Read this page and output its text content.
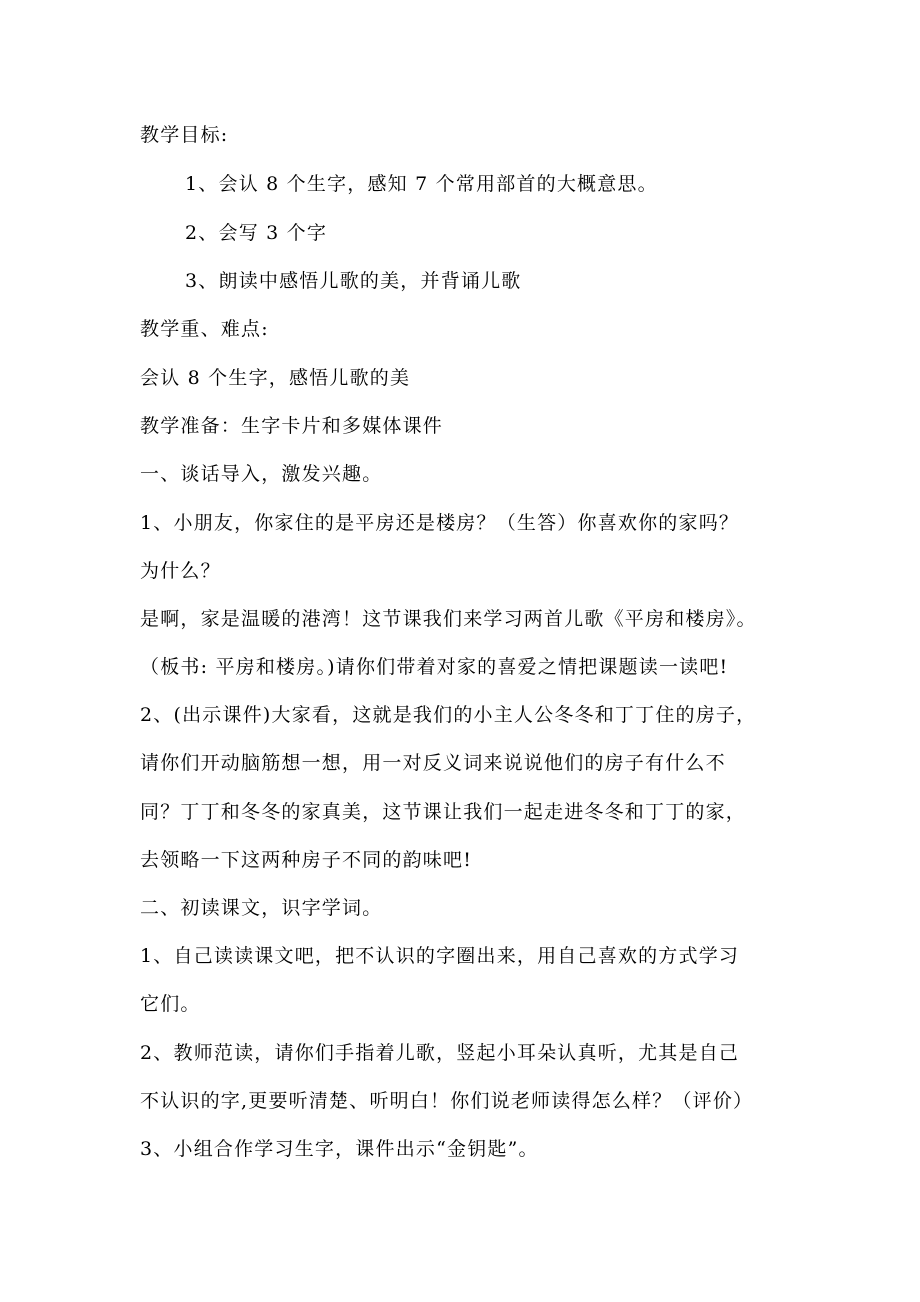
教学目标:
1、会认 8 个生字，感知 7 个常用部首的大概意思。
2、会写 3 个字
3、朗读中感悟儿歌的美，并背诵儿歌
教学重、难点:
会认 8 个生字，感悟儿歌的美
教学准备：生字卡片和多媒体课件
一、谈话导入，激发兴趣。
1、小朋友，你家住的是平房还是楼房？（生答）你喜欢你的家吗？
为什么？
是啊，家是温暖的港湾！这节课我们来学习两首儿歌《平房和楼房》。
（板书: 平房和楼房。)请你们带着对家的喜爱之情把课题读一读吧!
2、(出示课件)大家看，这就是我们的小主人公冬冬和丁丁住的房子，
请你们开动脑筋想一想，用一对反义词来说说他们的房子有什么不
同？丁丁和冬冬的家真美，这节课让我们一起走进冬冬和丁丁的家，
去领略一下这两种房子不同的韵味吧!
二、初读课文，识字学词。
1、自己读读课文吧，把不认识的字圈出来，用自己喜欢的方式学习
它们。
2、教师范读，请你们手指着儿歌，竖起小耳朵认真听，尤其是自己
不认识的字,更要听清楚、听明白！你们说老师读得怎么样？（评价）
3、小组合作学习生字，课件出示“金钥匙”。
